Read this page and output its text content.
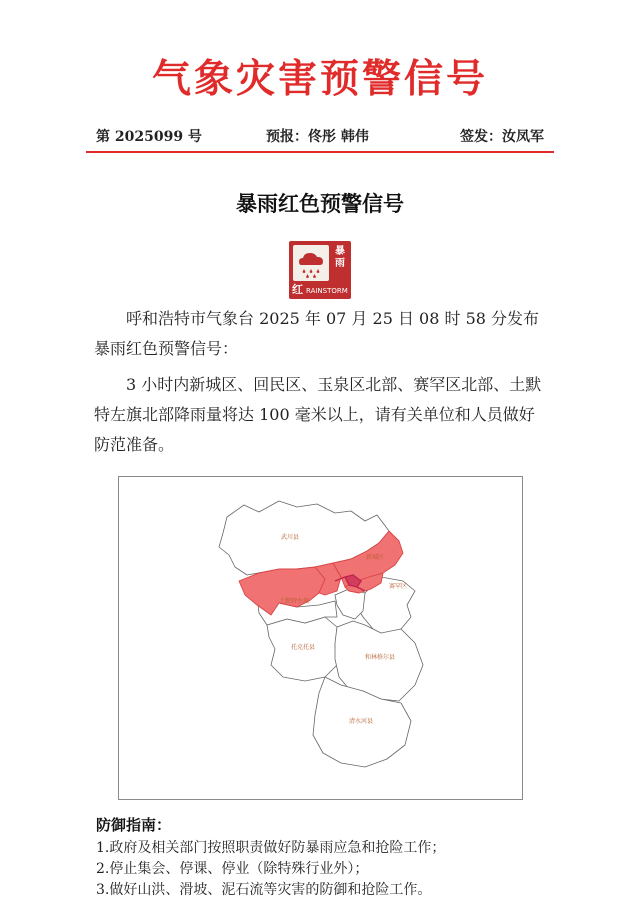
气象灾害预警信号
第 2025099 号	预报：佟彤 韩伟	签发：汝凤军
暴雨红色预警信号
暴雨
红RAINSTORM

呼和浩特市气象台 2025 年 07 月 25 日 08 时 58 分发布暴雨红色预警信号：

3 小时内新城区、回民区、玉泉区北部、赛罕区北部、土默特左旗北部降雨量将达 100 毫米以上，请有关单位和人员做好防范准备。

武川县
新城区
赛罕区
土默特左旗
托克托县
和林格尔县
清水河县
防御指南：
1.政府及相关部门按照职责做好防暴雨应急和抢险工作；
2.停止集会、停课、停业（除特殊行业外）；
3.做好山洪、滑坡、泥石流等灾害的防御和抢险工作。
